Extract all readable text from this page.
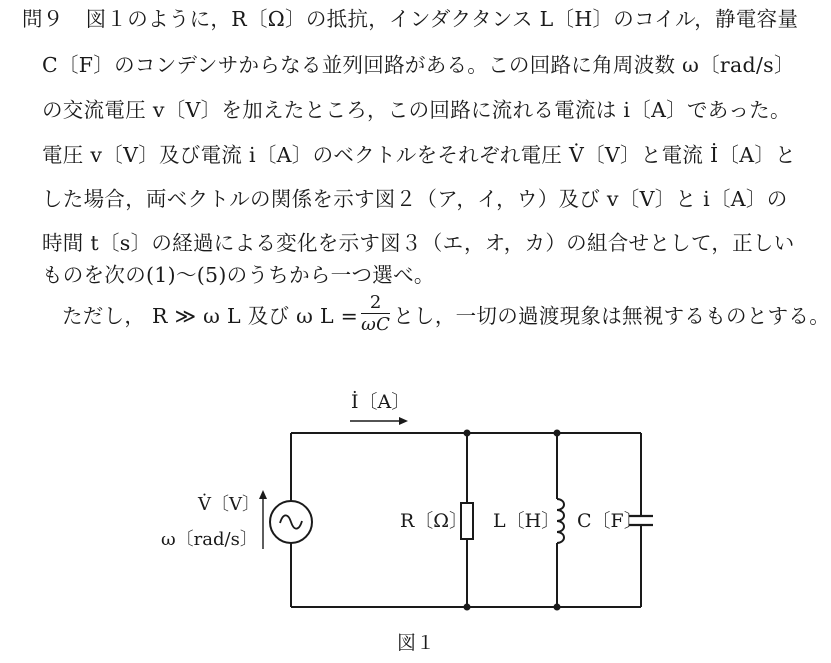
問９ 図１のように，R〔Ω〕の抵抗，インダクタンス L〔H〕のコイル，静電容量
C〔F〕のコンデンサからなる並列回路がある。この回路に角周波数 ω〔rad/s〕
の交流電圧 v〔V〕を加えたところ，この回路に流れる電流は i〔A〕であった。
電圧 v〔V〕及び電流 i〔A〕のベクトルをそれぞれ電圧 V̇〔V〕と電流 İ〔A〕と
した場合，両ベクトルの関係を示す図２（ア，イ，ウ）及び v〔V〕と i〔A〕の
時間 t〔s〕の経過による変化を示す図３（エ，オ，カ）の組合せとして，正しい
ものを次の(1)～(5)のうちから一つ選べ。
ただし， R ≫ ω L 及び ω $L = \frac{2}{\omega C}$ とし，一切の過渡現象は無視するものとする。
İ〔A〕
V̇〔V〕
ω〔rad/s〕
R〔Ω〕 L〔H〕 C〔F〕
図１
